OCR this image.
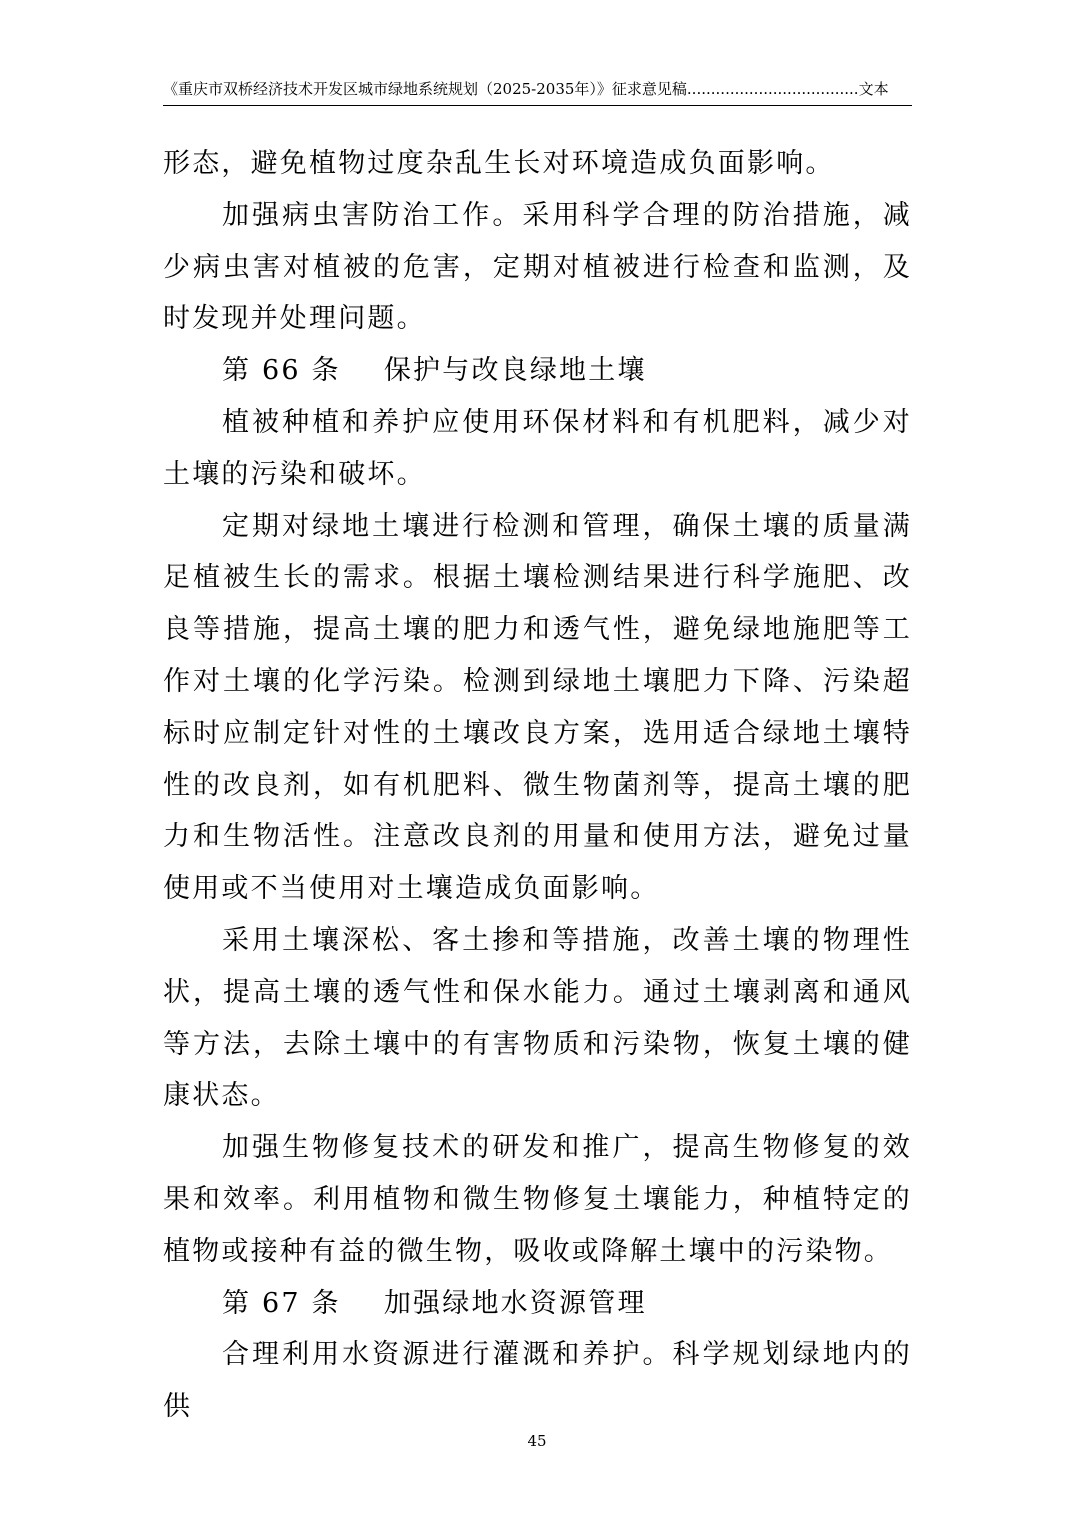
《重庆市双桥经济技术开发区城市绿地系统规划（2025-2035年）》征求意见稿....................................文本

形态，避免植物过度杂乱生长对环境造成负面影响。

加强病虫害防治工作。采用科学合理的防治措施，减少病虫害对植被的危害，定期对植被进行检查和监测，及时发现并处理问题。

第 66 条    保护与改良绿地土壤

植被种植和养护应使用环保材料和有机肥料，减少对土壤的污染和破坏。

定期对绿地土壤进行检测和管理，确保土壤的质量满足植被生长的需求。根据土壤检测结果进行科学施肥、改良等措施，提高土壤的肥力和透气性，避免绿地施肥等工作对土壤的化学污染。检测到绿地土壤肥力下降、污染超标时应制定针对性的土壤改良方案，选用适合绿地土壤特性的改良剂，如有机肥料、微生物菌剂等，提高土壤的肥力和生物活性。注意改良剂的用量和使用方法，避免过量使用或不当使用对土壤造成负面影响。

采用土壤深松、客土掺和等措施，改善土壤的物理性状，提高土壤的透气性和保水能力。通过土壤剥离和通风等方法，去除土壤中的有害物质和污染物，恢复土壤的健康状态。

加强生物修复技术的研发和推广，提高生物修复的效果和效率。利用植物和微生物修复土壤能力，种植特定的植物或接种有益的微生物，吸收或降解土壤中的污染物。

第 67 条    加强绿地水资源管理

合理利用水资源进行灌溉和养护。科学规划绿地内的供

45
